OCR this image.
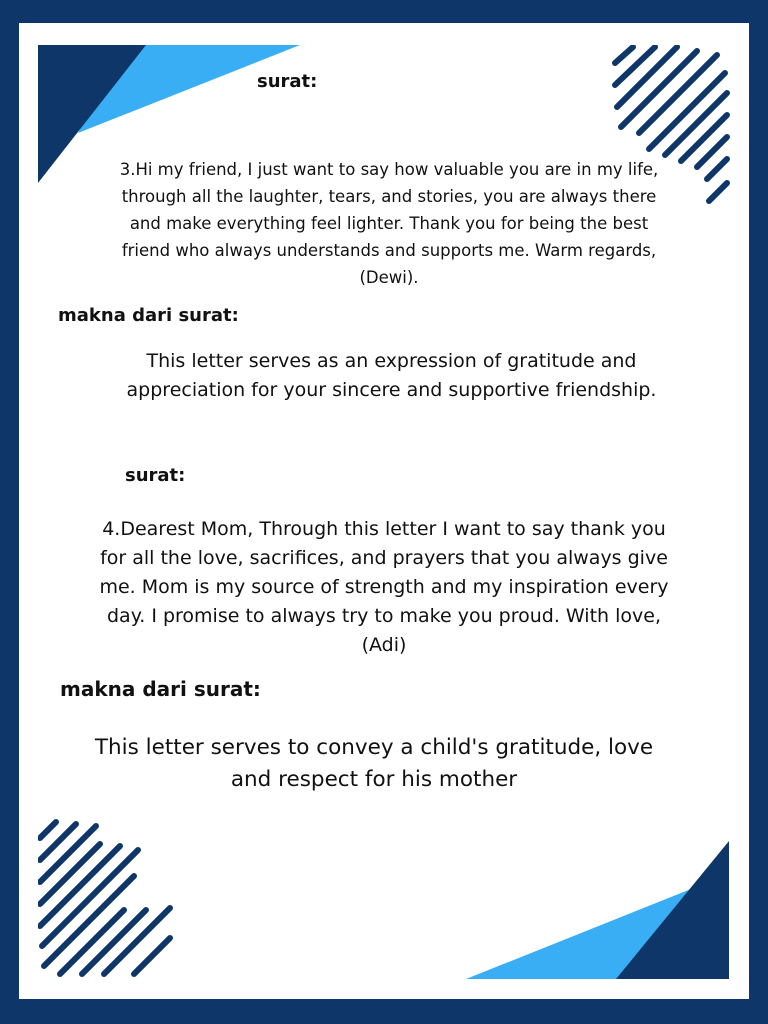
surat:
3.Hi my friend, I just want to say how valuable you are in my life, through all the laughter, tears, and stories, you are always there and make everything feel lighter. Thank you for being the best friend who always understands and supports me. Warm regards, (Dewi).
makna dari surat:
This letter serves as an expression of gratitude and appreciation for your sincere and supportive friendship.
surat:
4.Dearest Mom, Through this letter I want to say thank you for all the love, sacrifices, and prayers that you always give me. Mom is my source of strength and my inspiration every day. I promise to always try to make you proud. With love, (Adi)
makna dari surat:
This letter serves to convey a child's gratitude, love and respect for his mother
